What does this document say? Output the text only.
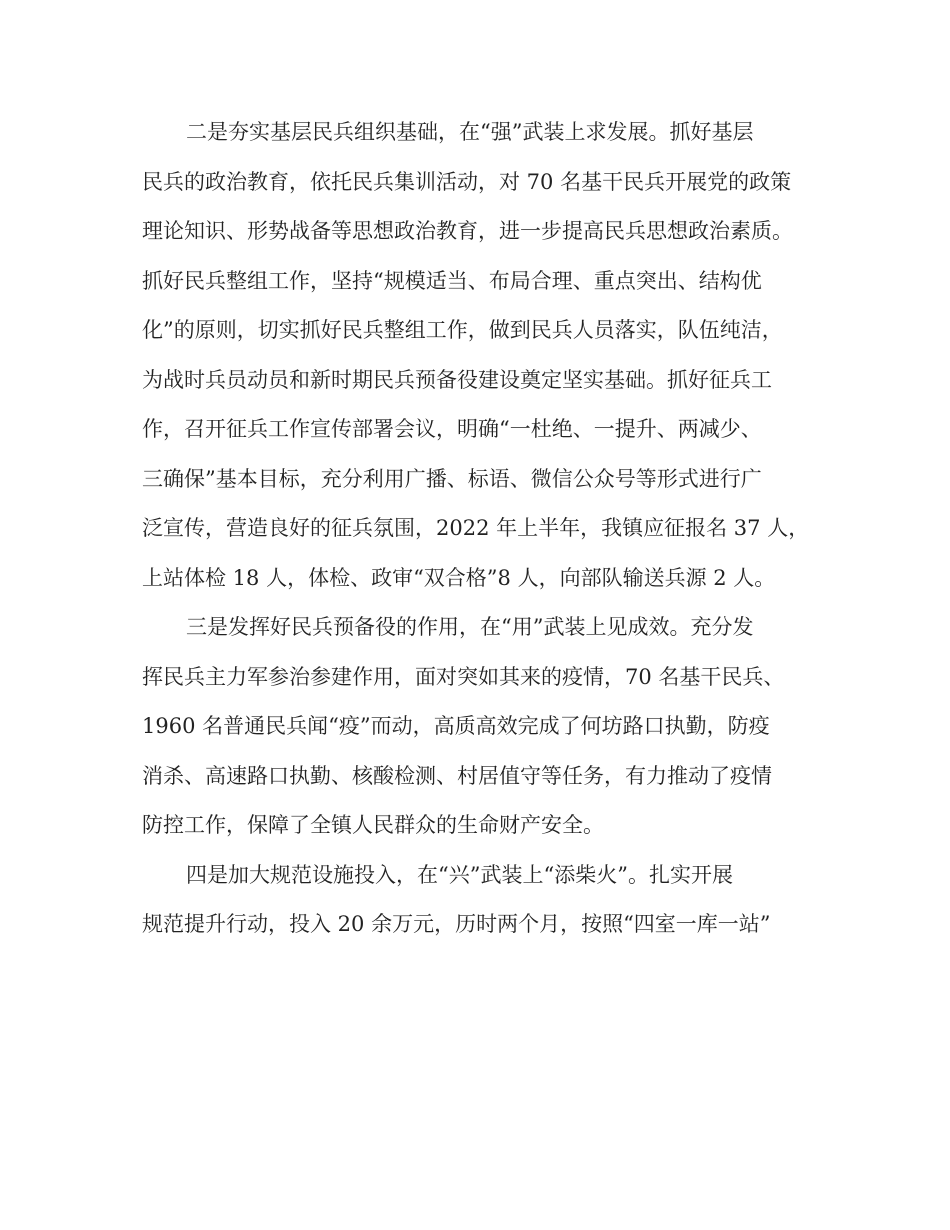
二是夯实基层民兵组织基础，在“强”武装上求发展。抓好基层
民兵的政治教育，依托民兵集训活动，对 70 名基干民兵开展党的政策
理论知识、形势战备等思想政治教育，进一步提高民兵思想政治素质。
抓好民兵整组工作，坚持“规模适当、布局合理、重点突出、结构优
化”的原则，切实抓好民兵整组工作，做到民兵人员落实，队伍纯洁，
为战时兵员动员和新时期民兵预备役建设奠定坚实基础。抓好征兵工
作，召开征兵工作宣传部署会议，明确“一杜绝、一提升、两减少、
三确保”基本目标，充分利用广播、标语、微信公众号等形式进行广
泛宣传，营造良好的征兵氛围，2022 年上半年，我镇应征报名 37 人，
上站体检 18 人，体检、政审“双合格”8 人，向部队输送兵源 2 人。
三是发挥好民兵预备役的作用，在“用”武装上见成效。充分发
挥民兵主力军参治参建作用，面对突如其来的疫情，70 名基干民兵、
1960 名普通民兵闻“疫”而动，高质高效完成了何坊路口执勤，防疫
消杀、高速路口执勤、核酸检测、村居值守等任务，有力推动了疫情
防控工作，保障了全镇人民群众的生命财产安全。
四是加大规范设施投入，在“兴”武装上“添柴火”。扎实开展
规范提升行动，投入 20 余万元，历时两个月，按照“四室一库一站”
